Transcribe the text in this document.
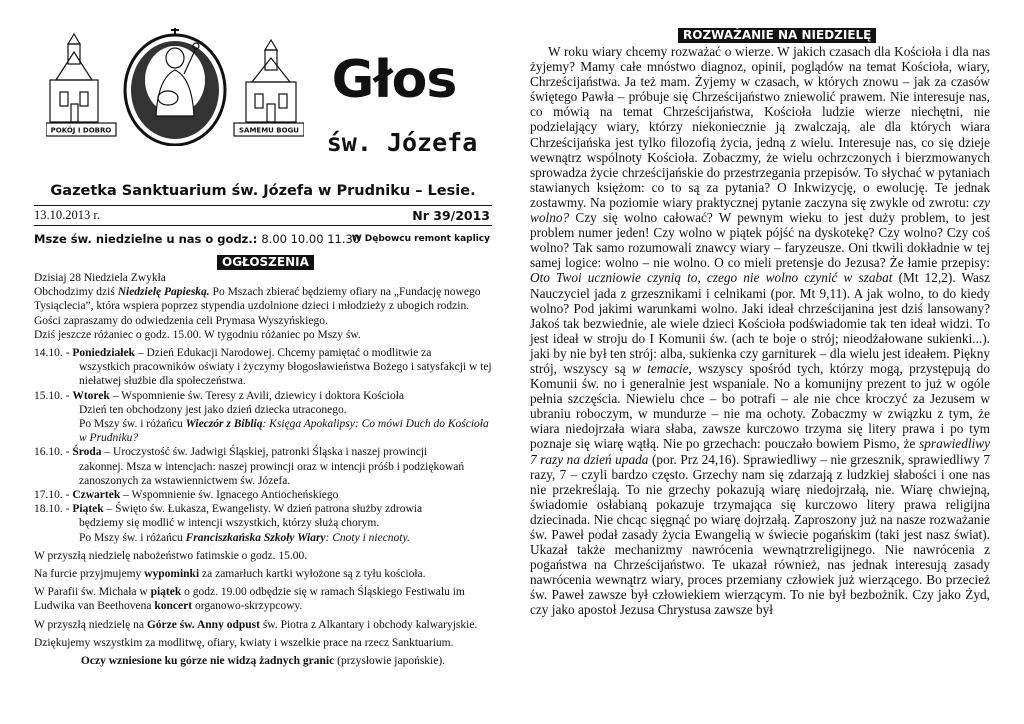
POKÓJ I DOBRO	SAMEMU BOGU
Głos
św. Józefa
Gazetka Sanktuarium św. Józefa w Prudniku – Lesie.
13.10.2013 r.	Nr 39/2013
Msze św. niedzielne u nas o godz.: 8.00 10.00 11.30
W Dębowcu remont kaplicy
OGŁOSZENIA

Dzisiaj 28 Niedziela Zwykła

Obchodzimy dziś Niedzielę Papieską. Po Mszach zbierać będziemy ofiary na „Fundację nowego Tysiąclecia”, która wspiera poprzez stypendia uzdolnione dzieci i młodzieży z ubogich rodzin.

Gości zapraszamy do odwiedzenia celi Prymasa Wyszyńskiego.

Dziś jeszcze różaniec o godz. 15.00. W tygodniu różaniec po Mszy św.

14.10. - Poniedziałek – Dzień Edukacji Narodowej. Chcemy pamiętać o modlitwie za

wszystkich pracowników oświaty i życzymy błogosławieństwa Bożego i satysfakcji w tej niełatwej służbie dla społeczeństwa.

15.10. - Wtorek – Wspomnienie św. Teresy z Avili, dziewicy i doktora Kościoła

Dzień ten obchodzony jest jako dzień dziecka utraconego.

Po Mszy św. i różańcu Wieczór z Biblią: Księga Apokalipsy: Co mówi Duch do Kościoła w Prudniku?

16.10. - Środa – Uroczystość św. Jadwigi Śląskiej, patronki Śląska i naszej prowincji

zakonnej. Msza w intencjach: naszej prowincji oraz w intencji próśb i podziękowań zanoszonych za wstawiennictwem św. Józefa.

17.10. - Czwartek – Wspomnienie św. Ignacego Antiocheńskiego

18.10. - Piątek – Święto św. Łukasza, Ewangelisty. W dzień patrona służby zdrowia

będziemy się modlić w intencji wszystkich, którzy służą chorym.

Po Mszy św. i różańcu Franciszkańska Szkoły Wiary: Cnoty i niecnoty.

W przyszłą niedzielę nabożeństwo fatimskie o godz. 15.00.

Na furcie przyjmujemy wypominki za zamarłuch kartki wyłożone są z tyłu kościoła.

W Parafii św. Michała w piątek o godz. 19.00 odbędzie się w ramach Śląskiego Festiwalu im Ludwika van Beethovena koncert organowo-skrzypcowy.

W przyszłą niedzielę na Górze św. Anny odpust św. Piotra z Alkantary i obchody kalwaryjskie.

Dziękujemy wszystkim za modlitwę, ofiary, kwiaty i wszelkie prace na rzecz Sanktuarium.

Oczy wzniesione ku górze nie widzą żadnych granic (przysłowie japońskie).

ROZWAŻANIE NA NIEDZIELĘ

W roku wiary chcemy rozważać o wierze. W jakich czasach dla Kościoła i dla nas żyjemy? Mamy całe mnóstwo diagnoz, opinii, poglądów na temat Kościoła, wiary, Chrześcijaństwa. Ja też mam. Żyjemy w czasach, w których znowu – jak za czasów świętego Pawła – próbuje się Chrześcijaństwo zniewolić prawem. Nie interesuje nas, co mówią na temat Chrześcijaństwa, Kościoła ludzie wierze niechętni, nie podzielający wiary, którzy niekoniecznie ją zwalczają, ale dla których wiara Chrześcijańska jest tylko filozofią życia, jedną z wielu. Interesuje nas, co się dzieje wewnątrz wspólnoty Kościoła. Zobaczmy, że wielu ochrzczonych i bierzmowanych sprowadza życie chrześcijańskie do przestrzegania przepisów. To słychać w pytaniach stawianych księżom: co to są za pytania? O Inkwizycję, o ewolucję. Te jednak zostawmy. Na poziomie wiary praktycznej pytanie zaczyna się zwykle od zwrotu: czy wolno? Czy się wolno całować? W pewnym wieku to jest duży problem, to jest problem numer jeden! Czy wolno w piątek pójść na dyskotekę? Czy wolno? Czy coś wolno? Tak samo rozumowali znawcy wiary – faryzeusze. Oni tkwili dokładnie w tej samej logice: wolno – nie wolno. O co mieli pretensje do Jezusa? Że łamie przepisy: Oto Twoi uczniowie czynią to, czego nie wolno czynić w szabat (Mt 12,2). Wasz Nauczyciel jada z grzesznikami i celnikami (por. Mt 9,11). A jak wolno, to do kiedy wolno? Pod jakimi warunkami wolno. Jaki ideał chrześcijanina jest dziś lansowany? Jakoś tak bezwiednie, ale wiele dzieci Kościoła podświadomie tak ten ideał widzi. To jest ideał w stroju do I Komunii św. (ach te boje o strój; nieodżałowane sukienki...). jaki by nie był ten strój: alba, sukienka czy garniturek – dla wielu jest ideałem. Piękny strój, wszyscy są w temacie, wszyscy spośród tych, którzy mogą, przystępują do Komunii św. no i generalnie jest wspaniale. No a komunijny prezent to już w ogóle pełnia szczęścia. Niewielu chce – bo potrafi – ale nie chce kroczyć za Jezusem w ubraniu roboczym, w mundurze – nie ma ochoty. Zobaczmy w związku z tym, że wiara niedojrzała wiara słaba, zawsze kurczowo trzyma się litery prawa i po tym poznaje się wiarę wątłą. Nie po grzechach: pouczało bowiem Pismo, że sprawiedliwy 7 razy na dzień upada (por. Prz 24,16). Sprawiedliwy – nie grzesznik, sprawiedliwy 7 razy, 7 – czyli bardzo często. Grzechy nam się zdarzają z ludzkiej słabości i one nas nie przekreślają. To nie grzechy pokazują wiarę niedojrzałą, nie. Wiarę chwiejną, świadomie osłabianą pokazuje trzymająca się kurczowo litery prawa religijna dziecinada. Nie chcąc sięgnąć po wiarę dojrzałą. Zaproszony już na nasze rozważanie św. Paweł podał zasady życia Ewangelią w świecie pogańskim (taki jest nasz świat). Ukazał także mechanizmy nawrócenia wewnątrzreligijnego. Nie nawrócenia z pogaństwa na Chrześcijaństwo. Te ukazał również, nas jednak interesują zasady nawrócenia wewnątrz wiary, proces przemiany człowiek już wierzącego. Bo przecież św. Paweł zawsze był człowiekiem wierzącym. To nie był bezbożnik. Czy jako Żyd, czy jako apostoł Jezusa Chrystusa zawsze był
